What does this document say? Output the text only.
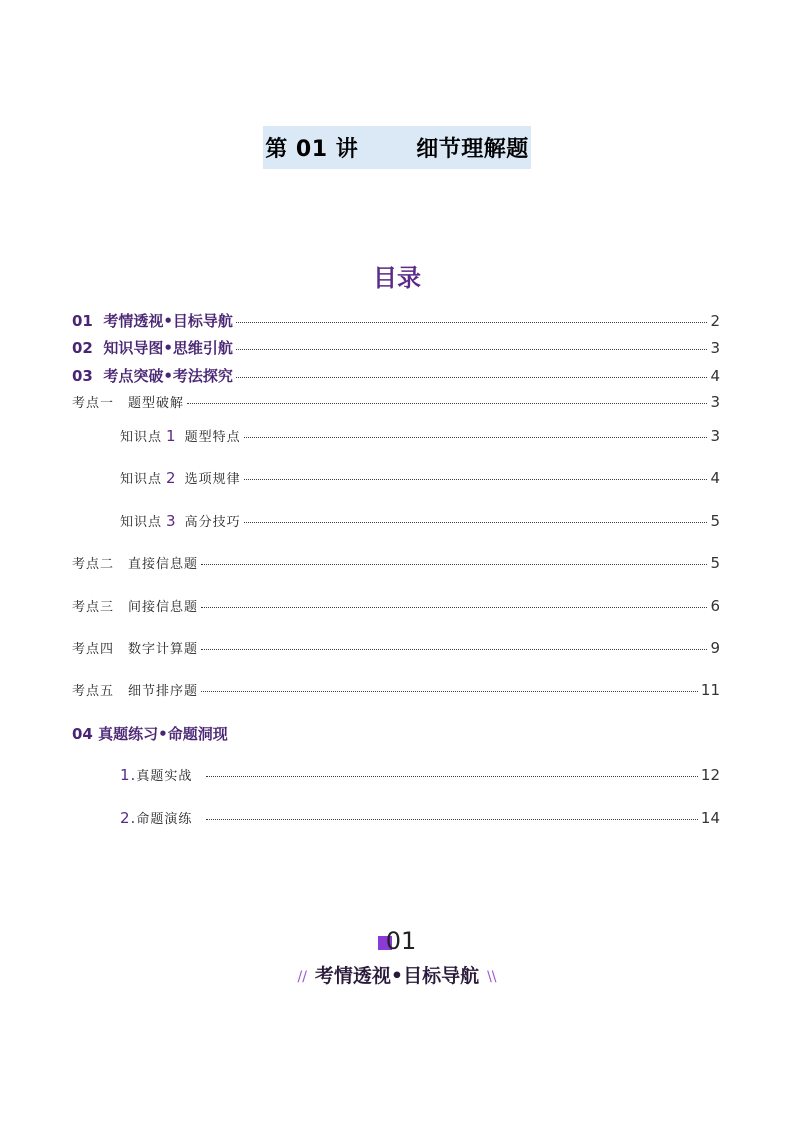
第 01 讲	细节理解题
目录
01 考情透视•目标导航	2
02 知识导图•思维引航	3
03 考点突破•考法探究	4
考点一 题型破解	3
知识点 1 题型特点	3
知识点 2 选项规律	4
知识点 3 高分技巧	5
考点二 直接信息题	5
考点三 间接信息题	6
考点四 数字计算题	9
考点五 细节排序题	11
04 真题练习•命题洞现
1.真题实战	12
2.命题演练	14
01
// 考情透视•目标导航 \\
